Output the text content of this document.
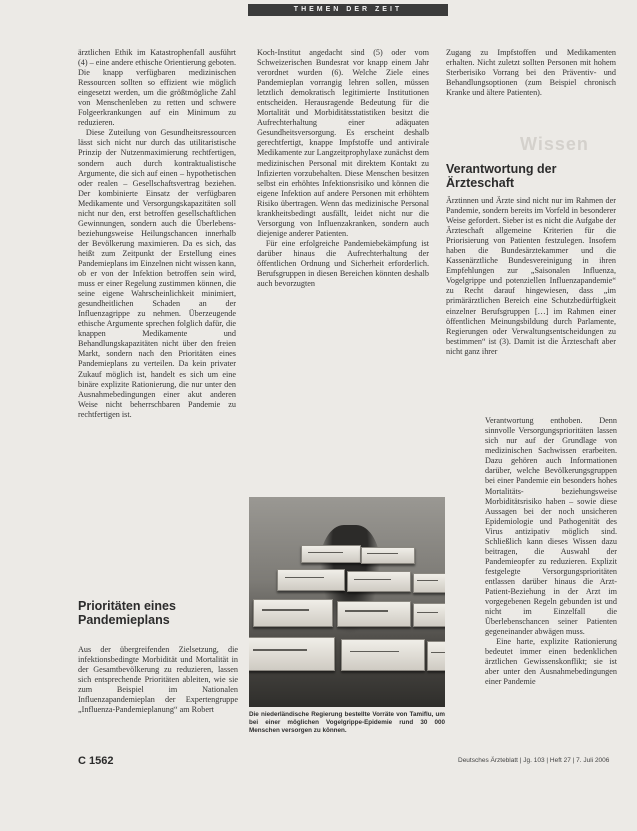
THEMEN DER ZEIT

ärztlichen Ethik im Katastrophenfall ausführt (4) – eine andere ethische Orientierung geboten. Die knapp verfügbaren medizinischen Ressourcen sollten so effizient wie möglich eingesetzt werden, um die größtmögliche Zahl von Menschenleben zu retten und schwere Folgeerkrankungen auf ein Minimum zu reduzieren.
Diese Zuteilung von Gesundheitsressourcen lässt sich nicht nur durch das utilitaristische Prinzip der Nutzenmaximierung rechtfertigen, sondern auch durch kontraktualistische Argumente, die sich auf einen – hypothetischen oder realen – Gesellschaftsvertrag beziehen. Der kombinierte Einsatz der verfügbaren Medikamente und Versorgungskapazitäten soll nicht nur den, erst betroffen gesellschaftlichen Gewinnungen, sondern auch die Überlebens- beziehungsweise Heilungschancen innerhalb der Bevölkerung maximieren. Da es sich, das heißt zum Zeitpunkt der Erstellung eines Pandemieplans im Einzelnen nicht wissen kann, ob er von der Infektion betroffen sein wird, muss er einer Regelung zustimmen können, die seine eigene Wahrscheinlichkeit minimiert, gesundheitlichen Schaden an der Influenzagrippe zu nehmen. Überzeugende ethische Argumente sprechen folglich dafür, die knappen Medikamente und Behandlungskapazitäten nicht über den freien Markt, sondern nach den Prioritäten eines Pandemieplans zu verteilen. Da kein privater Zukauf möglich ist, handelt es sich um eine binäre explizite Rationierung, die nur unter den Ausnahmebedingungen einer akut anderen Weise nicht beherrschbaren Pandemie zu rechtfertigen ist.

Prioritäten eines Pandemieplans

Aus der übergreifenden Zielsetzung, die infektionsbedingte Morbidität und Mortalität in der Gesamtbevölkerung zu reduzieren, lassen sich entsprechende Prioritäten ableiten, wie sie zum Beispiel im Nationalen Influenzapandemieplan der Expertengruppe „Influenza-Pandemieplanung“ am Robert

Koch-Institut angedacht sind (5) oder vom Schweizerischen Bundesrat vor knapp einem Jahr verordnet wurden (6). Welche Ziele eines Pandemieplan vorrangig lehren sollen, müssen letztlich demokratisch legitimierte Institutionen entscheiden. Herausragende Bedeutung für die Mortalität und Morbiditätsstatistiken besitzt die Aufrechterhaltung einer adäquaten Gesundheitsversorgung. Es erscheint deshalb gerechtfertigt, knappe Impfstoffe und antivirale Medikamente zur Langzeitprophylaxe zunächst dem medizinischen Personal mit direktem Kontakt zu Infizierten vorzubehalten. Diese Menschen besitzen selbst ein erhöhtes Infektionsrisiko und können die eigene Infektion auf andere Personen mit erhöhtem Risiko übertragen. Wenn das medizinische Personal krankheitsbedingt ausfällt, leidet nicht nur die Versorgung von Influenzakranken, sondern auch diejenige anderer Patienten.
Für eine erfolgreiche Pandemiebekämpfung ist darüber hinaus die Aufrechterhaltung der öffentlichen Ordnung und Sicherheit erforderlich. Berufsgruppen in diesen Bereichen könnten deshalb auch bevorzugten

Die niederländische Regierung bestellte Vorräte von Tamiflu, um bei einer möglichen Vogelgrippe-Epidemie rund 30 000 Menschen versorgen zu können.

Zugang zu Impfstoffen und Medikamenten erhalten. Nicht zuletzt sollten Personen mit hohem Sterberisiko Vorrang bei den Präventiv- und Behandlungsoptionen (zum Beispiel chronisch Kranke und ältere Patienten).

Wissen
Verantwortung der Ärzteschaft

Ärztinnen und Ärzte sind nicht nur im Rahmen der Pandemie, sondern bereits im Vorfeld in besonderer Weise gefordert. Sieber ist es nicht die Aufgabe der Ärzteschaft allgemeine Kriterien für die Priorisierung von Patienten festzulegen. Insofern haben die Bundesärztekammer und die Kassenärztliche Bundesvereinigung in ihren Empfehlungen zur „Saisonalen Influenza, Vogelgrippe und potenziellen Influenzapandemie“ zu Recht darauf hingewiesen, dass „im primärärztlichen Bereich eine Schutzbedürftigkeit einzelner Berufsgruppen […] im Rahmen einer öffentlichen Meinungsbildung durch Parlamente, Regierungen oder Verwaltungsentscheidungen zu bestimmen“ ist (3). Damit ist die Ärzteschaft aber nicht ganz ihrer

Verantwortung enthoben. Denn sinnvolle Versorgungsprioritäten lassen sich nur auf der Grundlage von medizinischen Sachwissen erarbeiten. Dazu gehören auch Informationen darüber, welche Bevölkerungsgruppen bei einer Pandemie ein besonders hohes Mortalitäts- beziehungsweise Morbiditätsrisiko haben – sowie diese Aussagen bei der noch unsicheren Epidemiologie und Pathogenität des Virus antizipativ möglich sind. Schließlich kann dieses Wissen dazu beitragen, die Auswahl der Pandemieopfer zu reduzieren. Explizit festgelegte Versorgungsprioritäten entlassen darüber hinaus die Arzt-Patient-Beziehung in der Arzt im vorgegebenen Regeln gebunden ist und nicht im Einzelfall die Überlebenschancen seiner Patienten gegeneinander abwägen muss.
Eine harte, explizite Rationierung bedeutet immer einen bedenklichen ärztlichen Gewissenskonflikt; sie ist aber unter den Ausnahmebedingungen einer Pandemie

C 1562	Deutsches Ärzteblatt | Jg. 103 | Heft 27 | 7. Juli 2006
